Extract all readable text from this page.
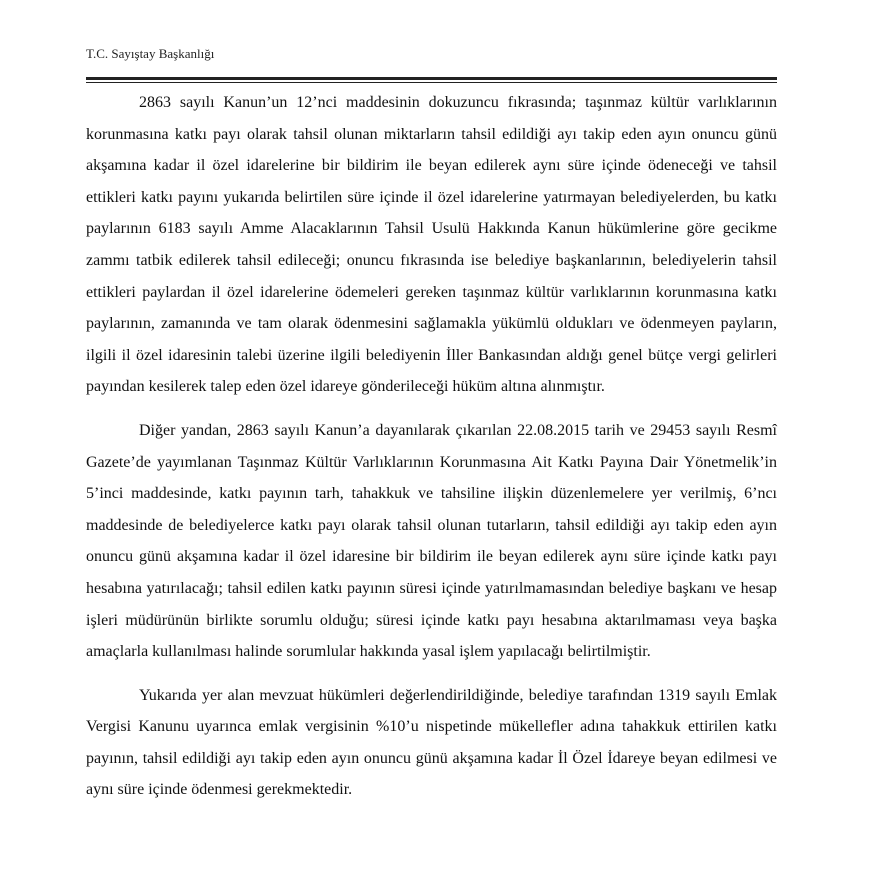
T.C. Sayıştay Başkanlığı

2863 sayılı Kanun’un 12’nci maddesinin dokuzuncu fıkrasında; taşınmaz kültür varlıklarının korunmasına katkı payı olarak tahsil olunan miktarların tahsil edildiği ayı takip eden ayın onuncu günü akşamına kadar il özel idarelerine bir bildirim ile beyan edilerek aynı süre içinde ödeneceği ve tahsil ettikleri katkı payını yukarıda belirtilen süre içinde il özel idarelerine yatırmayan belediyelerden, bu katkı paylarının 6183 sayılı Amme Alacaklarının Tahsil Usulü Hakkında Kanun hükümlerine göre gecikme zammı tatbik edilerek tahsil edileceği; onuncu fıkrasında ise belediye başkanlarının, belediyelerin tahsil ettikleri paylardan il özel idarelerine ödemeleri gereken taşınmaz kültür varlıklarının korunmasına katkı paylarının, zamanında ve tam olarak ödenmesini sağlamakla yükümlü oldukları ve ödenmeyen payların, ilgili il özel idaresinin talebi üzerine ilgili belediyenin İller Bankasından aldığı genel bütçe vergi gelirleri payından kesilerek talep eden özel idareye gönderileceği hüküm altına alınmıştır.

Diğer yandan, 2863 sayılı Kanun’a dayanılarak çıkarılan 22.08.2015 tarih ve 29453 sayılı Resmî Gazete’de yayımlanan Taşınmaz Kültür Varlıklarının Korunmasına Ait Katkı Payına Dair Yönetmelik’in 5’inci maddesinde, katkı payının tarh, tahakkuk ve tahsiline ilişkin düzenlemelere yer verilmiş, 6’ncı maddesinde de belediyelerce katkı payı olarak tahsil olunan tutarların, tahsil edildiği ayı takip eden ayın onuncu günü akşamına kadar il özel idaresine bir bildirim ile beyan edilerek aynı süre içinde katkı payı hesabına yatırılacağı; tahsil edilen katkı payının süresi içinde yatırılmamasından belediye başkanı ve hesap işleri müdürünün birlikte sorumlu olduğu; süresi içinde katkı payı hesabına aktarılmaması veya başka amaçlarla kullanılması halinde sorumlular hakkında yasal işlem yapılacağı belirtilmiştir.

Yukarıda yer alan mevzuat hükümleri değerlendirildiğinde, belediye tarafından 1319 sayılı Emlak Vergisi Kanunu uyarınca emlak vergisinin %10’u nispetinde mükellefler adına tahakkuk ettirilen katkı payının, tahsil edildiği ayı takip eden ayın onuncu günü akşamına kadar İl Özel İdareye beyan edilmesi ve aynı süre içinde ödenmesi gerekmektedir.
